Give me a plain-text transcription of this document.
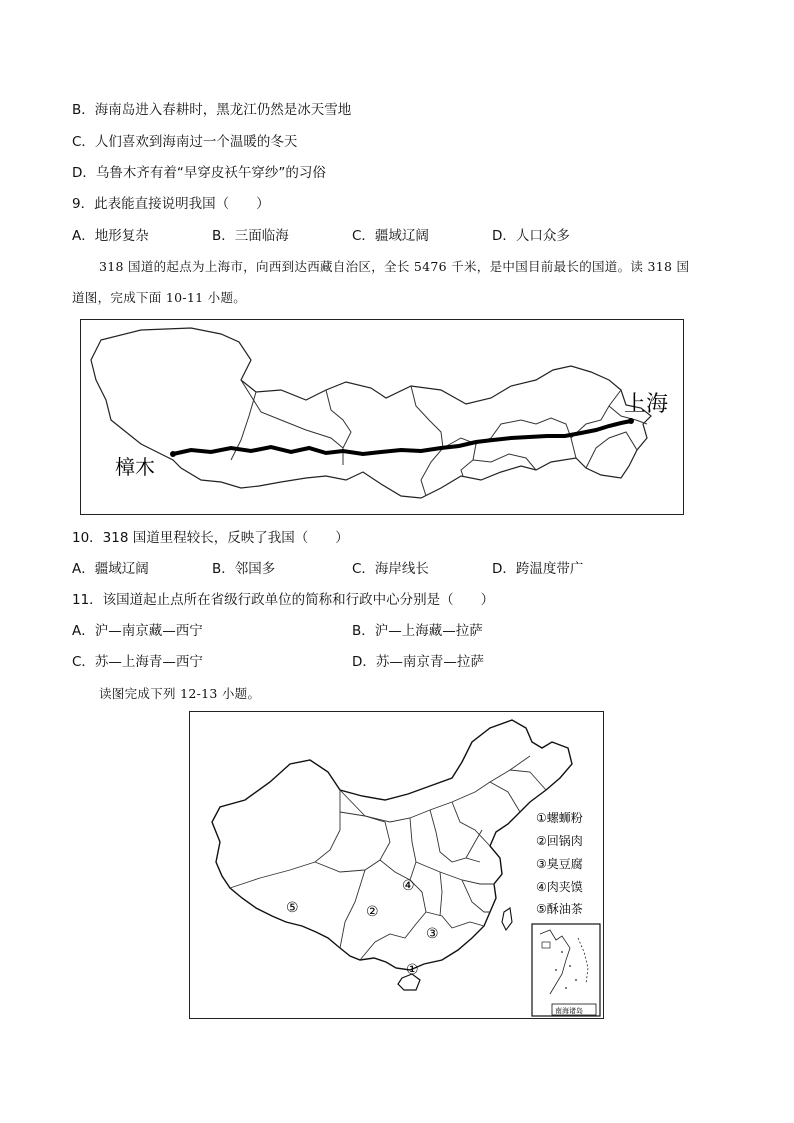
B．海南岛进入春耕时，黑龙江仍然是冰天雪地
C．人们喜欢到海南过一个温暖的冬天
D．乌鲁木齐有着“早穿皮袄午穿纱”的习俗
9．此表能直接说明我国（　　）
A．地形复杂	B．三面临海	C．疆域辽阔	D．人口众多
318 国道的起点为上海市，向西到达西藏自治区，全长 5476 千米，是中国目前最长的国道。读 318 国
道图，完成下面 10-11 小题。
上海
樟木
10．318 国道里程较长，反映了我国（　　）
A．疆域辽阔	B．邻国多	C．海岸线长	D．跨温度带广
11．该国道起止点所在省级行政单位的简称和行政中心分别是（　　）
A．沪—南京藏—西宁	B．沪—上海藏—拉萨
C．苏—上海青—西宁	D．苏—南京青—拉萨
读图完成下列 12-13 小题。
⑤	②
④
③
①
①螺蛳粉
②回锅肉
③臭豆腐
④肉夹馍
⑤酥油茶
南海诸岛
